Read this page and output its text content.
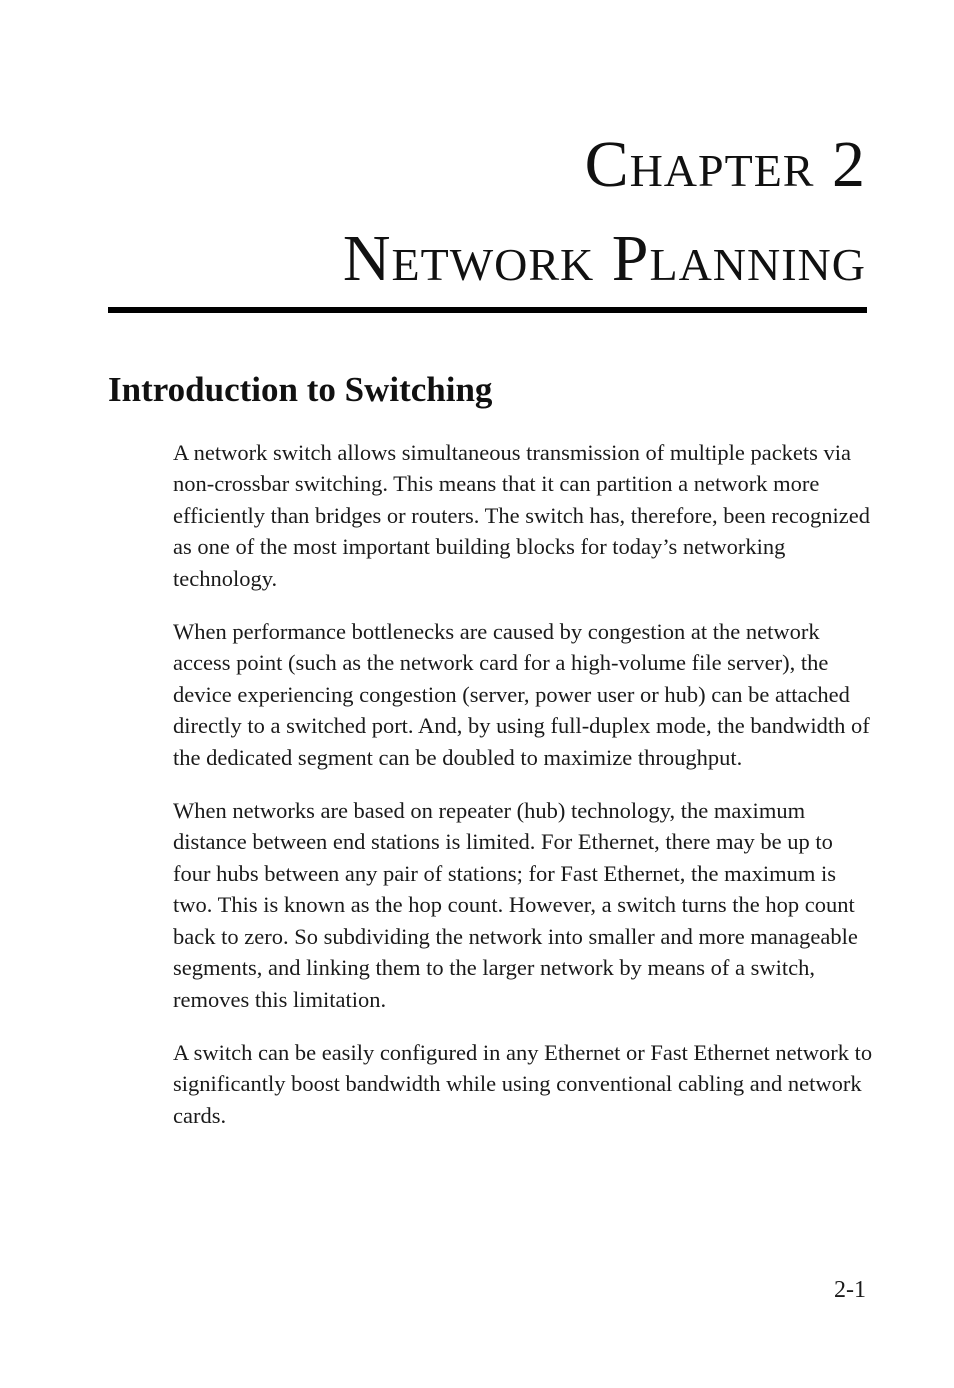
Chapter 2
Network Planning
Introduction to Switching

A network switch allows simultaneous transmission of multiple packets via non-crossbar switching. This means that it can partition a network more efficiently than bridges or routers. The switch has, therefore, been recognized as one of the most important building blocks for today’s networking technology.

When performance bottlenecks are caused by congestion at the network access point (such as the network card for a high-volume file server), the device experiencing congestion (server, power user or hub) can be attached directly to a switched port. And, by using full-duplex mode, the bandwidth of the dedicated segment can be doubled to maximize throughput.

When networks are based on repeater (hub) technology, the maximum distance between end stations is limited. For Ethernet, there may be up to four hubs between any pair of stations; for Fast Ethernet, the maximum is two. This is known as the hop count. However, a switch turns the hop count back to zero. So subdividing the network into smaller and more manageable segments, and linking them to the larger network by means of a switch, removes this limitation.

A switch can be easily configured in any Ethernet or Fast Ethernet network to significantly boost bandwidth while using conventional cabling and network cards.

2-1
